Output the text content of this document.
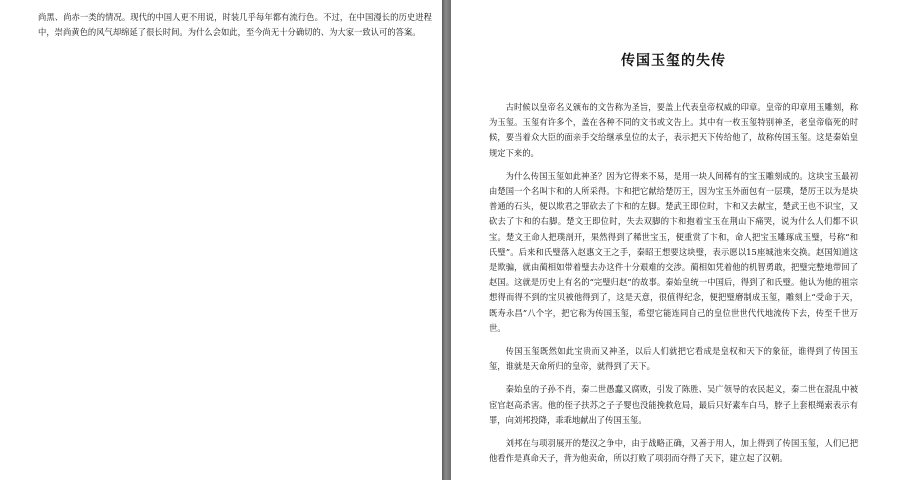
尚黑、尚赤一类的情况。现代的中国人更不用说，时装几乎每年都有流行色。不过，在中国漫长的历史进程中，崇尚黄色的风气却绵延了很长时间。为什么会如此，至今尚无十分确切的、为大家一致认可的答案。

传国玉玺的失传

古时候以皇帝名义颁布的文告称为圣旨，要盖上代表皇帝权威的印章。皇帝的印章用玉雕刻，称为玉玺。玉玺有许多个，盖在各种不同的文书或文告上。其中有一枚玉玺特别神圣，老皇帝临死的时候，要当着众大臣的面亲手交给继承皇位的太子，表示把天下传给他了，故称传国玉玺。这是秦始皇规定下来的。

为什么传国玉玺如此神圣？因为它得来不易，是用一块人间稀有的宝玉雕刻成的。这块宝玉最初由楚国一个名叫卞和的人所采得。卞和把它献给楚厉王，因为宝玉外面包有一层璞，楚厉王以为是块普通的石头，便以欺君之罪砍去了卞和的左脚。楚武王即位时，卞和又去献宝，楚武王也不识宝，又砍去了卞和的右脚。楚文王即位时，失去双脚的卞和抱着宝玉在荆山下痛哭，说为什么人们都不识宝。楚文王命人把璞剖开，果然得到了稀世宝玉，便重赏了卞和，命人把宝玉雕琢成玉璧，号称“和氏璧”。后来和氏璧落入赵惠文王之手，秦昭王想要这块璧，表示愿以15座城池来交换。赵国知道这是欺骗，就由蔺相如带着璧去办这件十分艰难的交涉。蔺相如凭着他的机智勇敢，把璧完整地带回了赵国。这就是历史上有名的“完璧归赵”的故事。秦始皇统一中国后，得到了和氏璧。他认为他的祖宗想得而得不到的宝贝被他得到了，这是天意，很值得纪念，便把璧磨制成玉玺，雕刻上“受命于天，既寿永昌”八个字，把它称为传国玉玺，希望它能连同自己的皇位世世代代地流传下去，传至千世万世。

传国玉玺既然如此宝贵而又神圣，以后人们就把它看成是皇权和天下的象征，谁得到了传国玉玺，谁就是天命所归的皇帝，就得到了天下。

秦始皇的子孙不肖，秦二世愚蠢又腐败，引发了陈胜、吴广领导的农民起义，秦二世在混乱中被宦官赵高杀害。他的侄子扶苏之子子婴也没能挽救危局，最后只好素车白马，脖子上套根绳索表示有罪，向刘邦投降，乖乖地献出了传国玉玺。

刘邦在与项羽展开的楚汉之争中，由于战略正确，又善于用人，加上得到了传国玉玺，人们已把他看作是真命天子，背为他卖命，所以打败了项羽而夺得了天下，建立起了汉朝。
